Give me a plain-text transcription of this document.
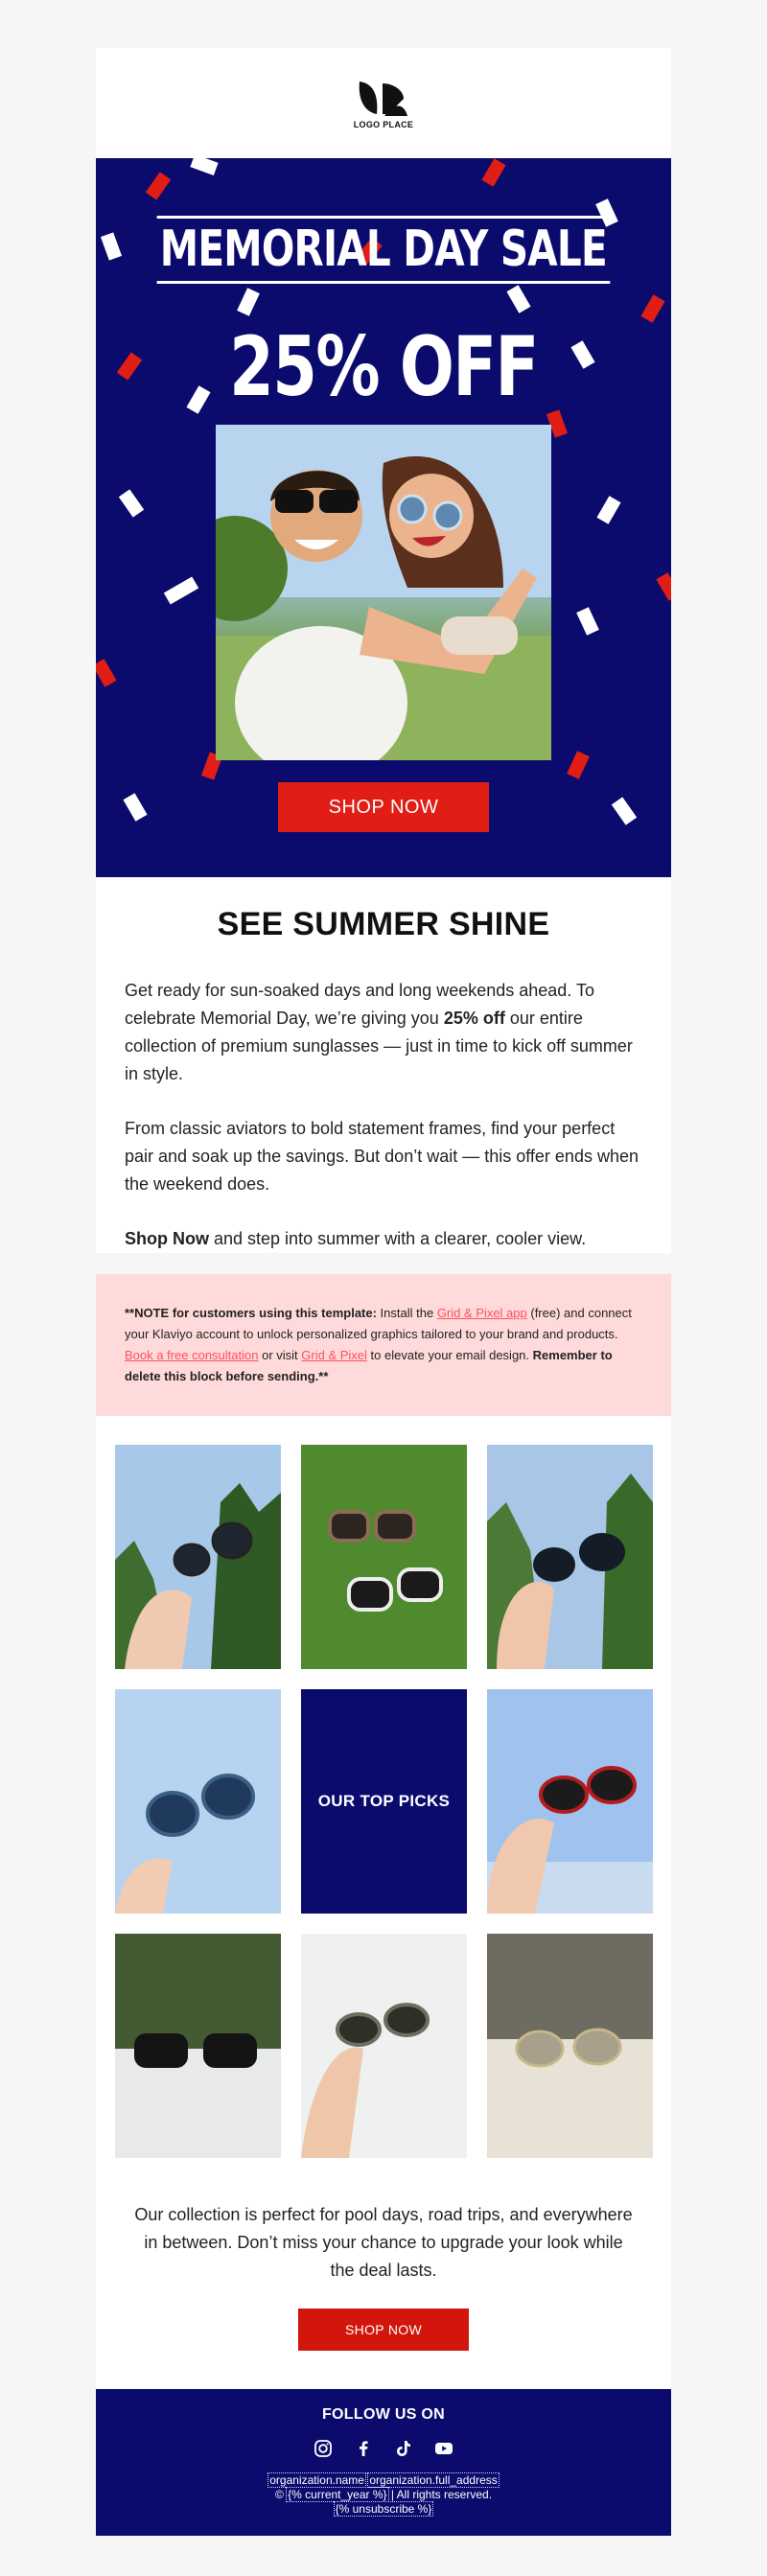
LOGO PLACE
MEMORIAL DAY SALE
25% OFF
SHOP NOW
SEE SUMMER SHINE

Get ready for sun-soaked days and long weekends ahead. To celebrate Memorial Day, we’re giving you 25% off our entire collection of premium sunglasses — just in time to kick off summer in style.

From classic aviators to bold statement frames, find your perfect pair and soak up the savings. But don’t wait — this offer ends when the weekend does.

Shop Now and step into summer with a clearer, cooler view.

**NOTE for customers using this template: Install the Grid & Pixel app (free) and connect your Klaviyo account to unlock personalized graphics tailored to your brand and products. Book a free consultation or visit Grid & Pixel to elevate your email design. Remember to delete this block before sending.**
OUR TOP PICKS

Our collection is perfect for pool days, road trips, and everywhere in between. Don’t miss your chance to upgrade your look while the deal lasts.

SHOP NOW
FOLLOW US ON
organization.name organization.full_address
© {% current_year %} | All rights reserved.
{% unsubscribe %}
